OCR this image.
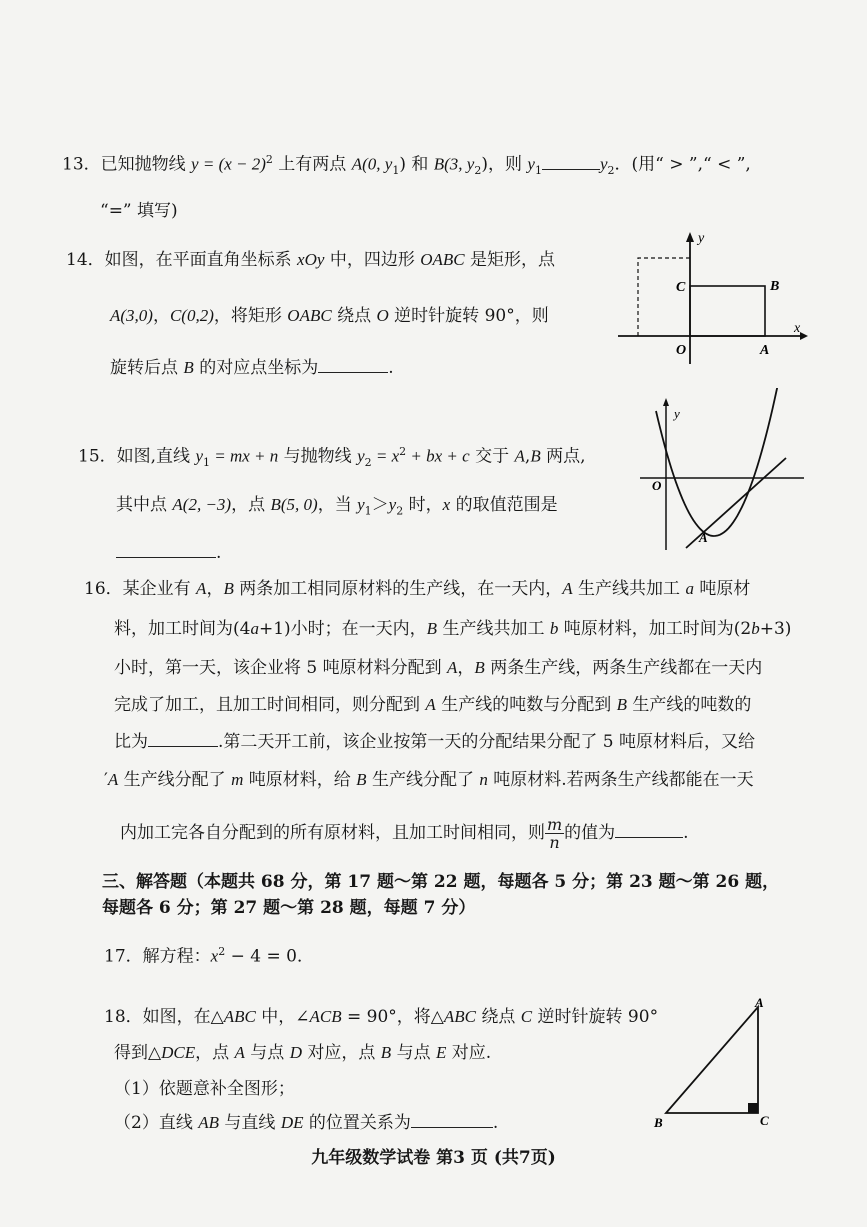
13．已知抛物线 $y = (x - 2)^2$ 上有两点 A(0, $y_1$) 和 B(3, $y_2$)，则 $y_1$	$y_2$．(用“ > ”,“ < ”,
“=” 填写)
14．如图，在平面直角坐标系 xOy 中，四边形 OABC 是矩形，点
A(3,0)，C(0,2)，将矩形 OABC 绕点 O 逆时针旋转 90°，则
旋转后点 B 的对应点坐标为	.
y
x
C	B
O	A
15．如图,直线 $y_1$ = mx + n 与抛物线 $y_2 = x^2$ + bx + c 交于 A,B 两点,
其中点 A(2, −3)，点 B(5, 0)，当 $y_1>y_2$ 时，x 的取值范围是
.
y
O
A
16．某企业有 A，B 两条加工相同原材料的生产线，在一天内，A 生产线共加工 a 吨原材
料，加工时间为(4a+1)小时；在一天内，B 生产线共加工 b 吨原材料，加工时间为(2b+3)
小时，第一天，该企业将 5 吨原材料分配到 A，B 两条生产线，两条生产线都在一天内
完成了加工，且加工时间相同，则分配到 A 生产线的吨数与分配到 B 生产线的吨数的
比为	.第二天开工前，该企业按第一天的分配结果分配了 5 吨原材料后，又给
′A 生产线分配了 m 吨原材料，给 B 生产线分配了 n 吨原材料.若两条生产线都能在一天
内加工完各自分配到的所有原材料，且加工时间相同，则 $\frac{m}{n}$ 的值为	.
三、解答题（本题共 68 分，第 17 题～第 22 题，每题各 5 分；第 23 题～第 26 题，
每题各 6 分；第 27 题～第 28 题，每题 7 分）
17．解方程：$x^2 - 4 = 0$．
18．如图，在△ABC 中，∠ACB = 90°，将△ABC 绕点 C 逆时针旋转 90°
得到△DCE，点 A 与点 D 对应，点 B 与点 E 对应.
（1）依题意补全图形；
（2）直线 AB 与直线 DE 的位置关系为	.
A
B	C
九年级数学试卷 第3 页 (共7页)
